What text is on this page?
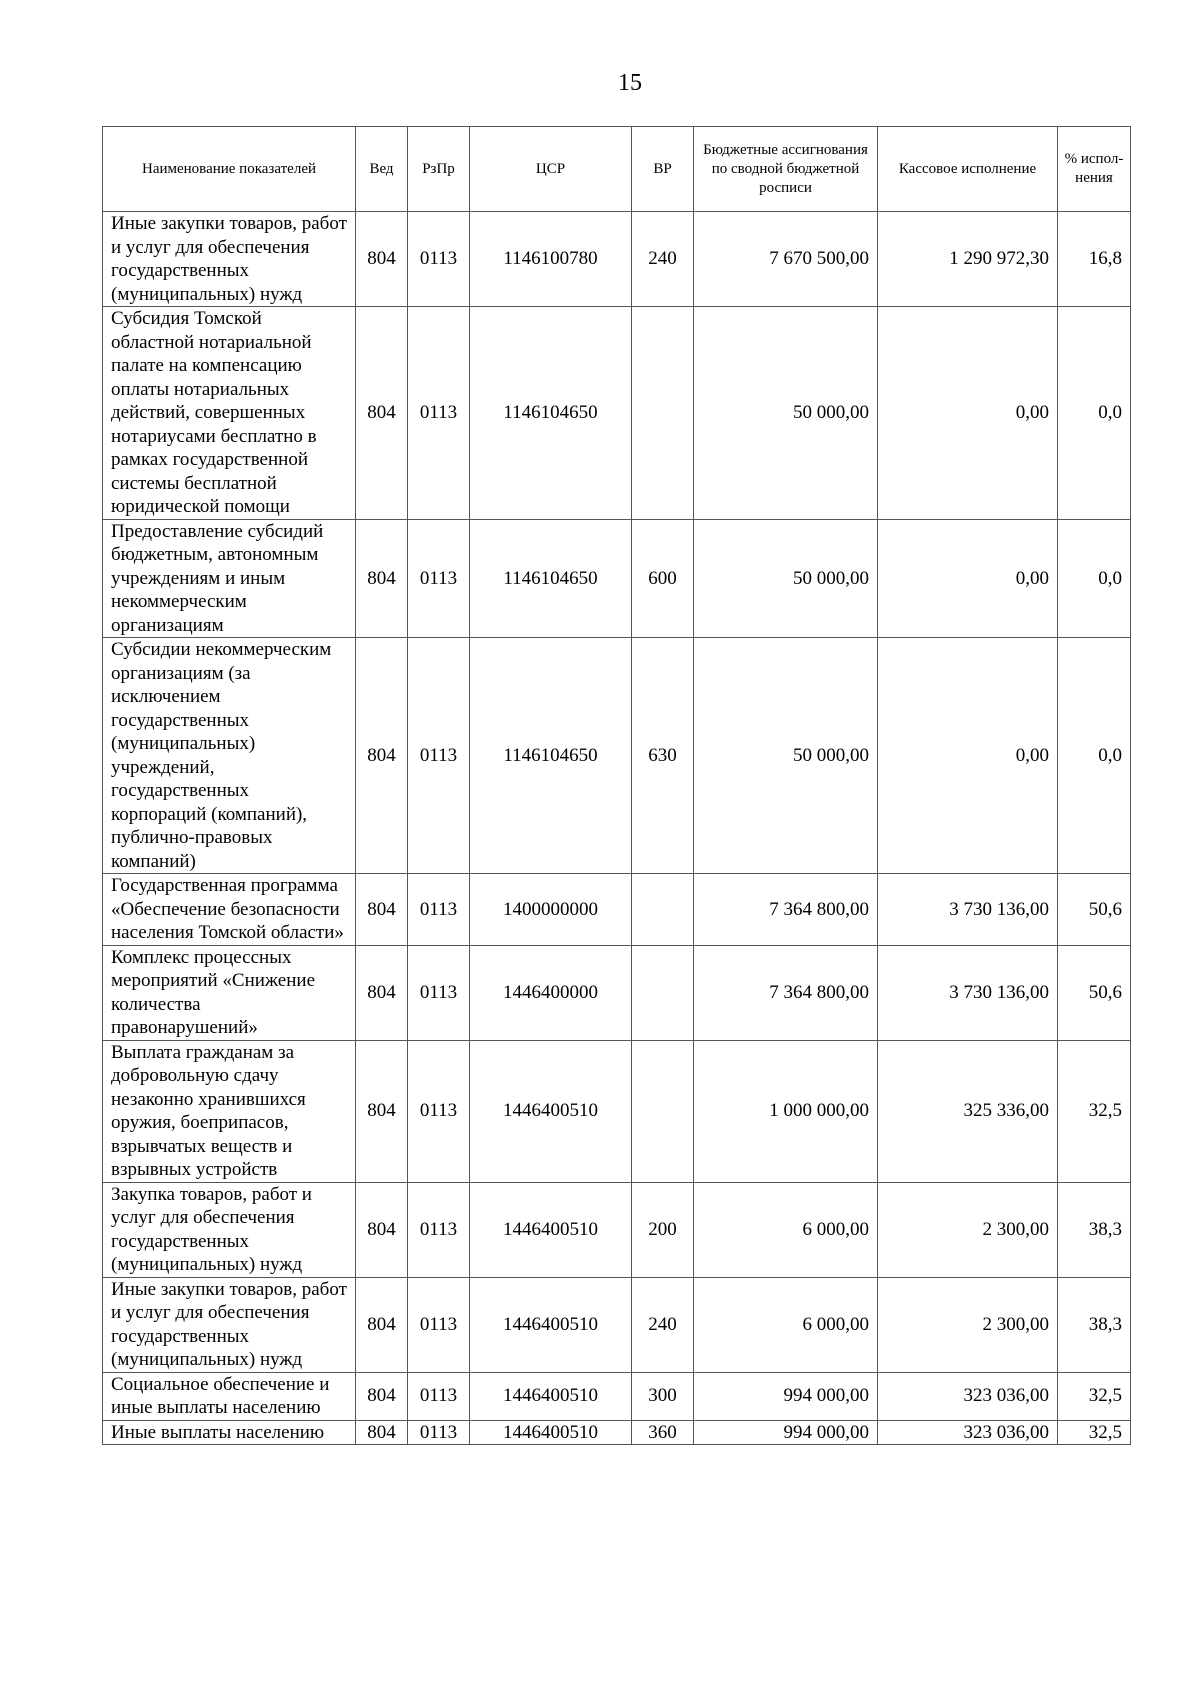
15
Наименование показателей	Вед	РзПр	ЦСР	ВР	Бюджетные ассигнования по сводной бюджетной росписи	Кассовое исполнение	% испол-нения
Иные закупки товаров, работ и услуг для обеспечения государственных (муниципальных) нужд	804	0113	1146100780	240	7 670 500,00	1 290 972,30	16,8
Субсидия Томской областной нотариальной палате на компенсацию оплаты нотариальных действий, совершенных нотариусами бесплатно в рамках государственной системы бесплатной юридической помощи	804	0113	1146104650		50 000,00	0,00	0,0
Предоставление субсидий бюджетным, автономным учреждениям и иным некоммерческим организациям	804	0113	1146104650	600	50 000,00	0,00	0,0
Субсидии некоммерческим организациям (за исключением государственных (муниципальных) учреждений, государственных корпораций (компаний), публично-правовых компаний)	804	0113	1146104650	630	50 000,00	0,00	0,0
Государственная программа «Обеспечение безопасности населения Томской области»	804	0113	1400000000		7 364 800,00	3 730 136,00	50,6
Комплекс процессных мероприятий «Снижение количества правонарушений»	804	0113	1446400000		7 364 800,00	3 730 136,00	50,6
Выплата гражданам за добровольную сдачу незаконно хранившихся оружия, боеприпасов, взрывчатых веществ и взрывных устройств	804	0113	1446400510		1 000 000,00	325 336,00	32,5
Закупка товаров, работ и услуг для обеспечения государственных (муниципальных) нужд	804	0113	1446400510	200	6 000,00	2 300,00	38,3
Иные закупки товаров, работ и услуг для обеспечения государственных (муниципальных) нужд	804	0113	1446400510	240	6 000,00	2 300,00	38,3
Социальное обеспечение и иные выплаты населению	804	0113	1446400510	300	994 000,00	323 036,00	32,5
Иные выплаты населению	804	0113	1446400510	360	994 000,00	323 036,00	32,5
